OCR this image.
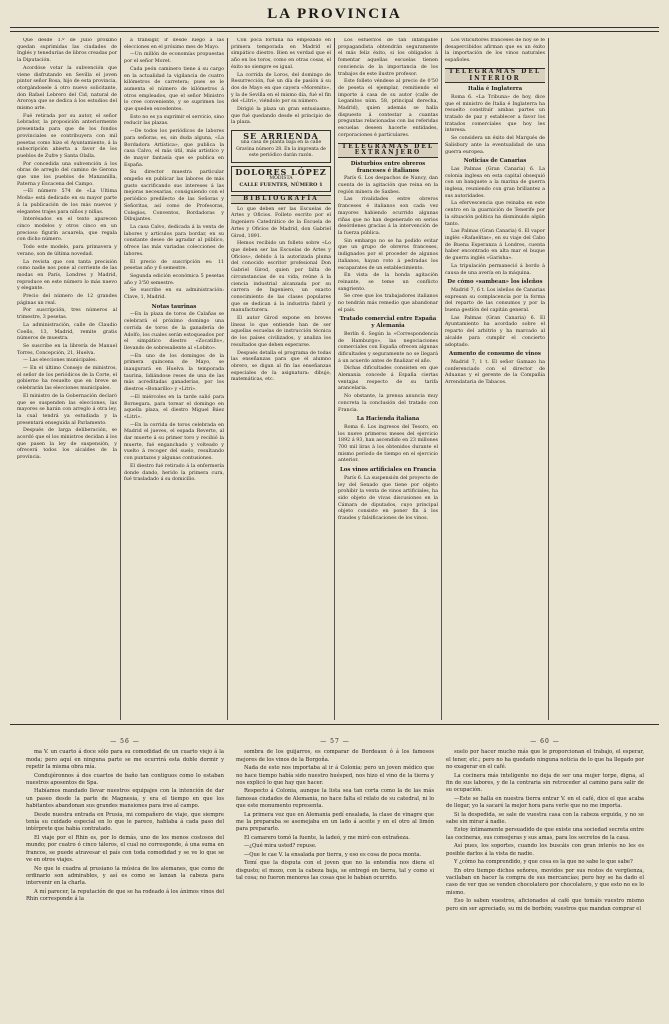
LA PROVINCIA

Que desde 1.º de Julio próximo quedan suprimidas las ciudades de Inglés y tenedurías de libros creadas por la Diputación.

Acordóse votar la subvención que viene disfrutando en Sevilla el joven pintor señor Bosa, hijo de esta provincia, otorgándosele á otro nuevo solicitante, don Rafael Lebrero del Cid, natural de Aroroya que se dedica á los estudios del mismo arte.

Fué retirada por su autor, el señor Lebrador, la proposición anteriormente presentada para que de los fondos provinciales se contribuyera con mil pesetas como hizo el Ayuntamiento, á la subscripción abierta a favor de los pueblos de Zufre y Santa Olalla.

Por concedida una subvención á los obras de arreglo del camino de Gerona que une los pueblos de Manzanilla, Paterna y Escacena del Campo.

—El número 574 de «La Ultima Moda» está dedicado en su mayor parte á la publicación de los más nuevos y elegantes trajes para niños y niñas.

Interésados en el texto aparecen cinco modelos y otros cinco en un precioso figurín acuarela, que regala con dicho número.

Todo este modelo, para primavera y verano, son de última novedad.

La revista que con tanta precisión como nadie nos pone al corriente de las modas en París, Londres y Madrid, reproduce en este número lo más nuevo y elegante.

Precio del número de 12 grandes páginas un real.

Por suscripción, tres números al trimestre, 3 pesetas.

La administración, calle de Claudio Coello, 13, Madrid, remite gratis números de muestra.

Se suscribe en la librería de Manuel Torres, Concepción, 21, Huelva.

— Las elecciones municipales.

— En el último Consejo de ministros, el señor de los periódicos de la Corte, el gobierno ha resuelto que en breve se celebrarán las elecciones municipales.

El ministro de la Gobernación declaró que se suspenden las elecciones, las mayores se harán con arreglo á otra ley, la cual tendrá ya estudiada y la presentará enseguida al Parlamento.

Después de larga deliberación, se acordó que el los ministros decidan á los que pasen la ley de suspensión, y ofrecerá todos los alcaldes de la provincia.

á transigir, ir desde luego á las elecciones en el próximo mes de Mayo.

—Un millón de economías propuestas por el señor Moret.

Cada peón caminero tiene á su cargo en la actualidad la vigilancia de cuatro kilómetros de carretera; pues se le aumenta el número de kilómetros á otros empleados, que el señor Ministro lo cree conveniente, y se suprimen los que queden excedentes.

Esto no es ya suprimir el servicio, sino reducir las plazas.

—De todos los periódicos de labores para señoras, es, sin duda alguna, «La Bordadora Artística», que publica la casa Calvo, el más útil, más artístico y de mayor fantasía que se publica en España.

Su director muestra particular empeño en publicar las labores de más gusto sacrificando sus intereses á las mejoras necesarias, consiguiendo con el periódico predilecto de las Señoras y Señoritas, así como de Profesoras, Colegios, Conventos, Bordadoras y Dibujantes.

La casa Calvo, dedicada á la venta de labores y artículos para bordar, en su constante deseo de agradar al público, ofrece las más variadas colecciones de labores.

El precio de suscripción es: 11 pesetas año y 6 semestre.

Segunda edición económica 5 pesetas año y 3'50 semestre.

Se suscribe en su administración: Clave, 1, Madrid.

Notas taurinas

—En la plaza de toros de Calañas se celebrará el próximo domingo una corrida de toros de la ganadería de Adolfo, los cuales serán estoqueados por el simpático diestro «Zocatillo», llevando de sobresaliente al «Lobito».

—En uno de los domingos de la primera quincena de Mayo, se inaugurará en Huelva la temporada taurina, lidiándose reses de una de las más acreditadas ganaderías, por los diestros «Bonarillo» y «Litri».

—El miércoles en la tarde salió para Bornegara, para torear el domingo en aquella plaza, el diestro Miguel Báez «Litri».

—En la corrida de toros celebrada en Madrid el jueves, el espada Reverte, al dar muerte á su primer toro y recibió la muerte, fué enganchado y volteado y vuelto á recoger del suelo, resultando con puntazos y algunas contusiones.

El diestro fué retirado á la enfermería donde dando, herido la primera cura, fué trasladado á su domicilio.

Con poca fortuna ha empezado en primera temporada en Madrid el simpático diestro. Bien es verdad que el año en los toros, como en otras cosas, el éxito no siempre es igual.

La corrida de Loros, del domingo de Resurrección, fué un día de pasión á su dos de Mayo en que cayera «Morenito», y la de Sevilla en el mismo día, fué el fin del «Litri», viéndolo por su número.

Dirigió la plaza un gran entusiasmo, que fué quedando desde el principio de la plaza.

SE ARRIENDA
una casa de planta baja en la calle Gravina número 28. En la imprenta de este periódico darán razón.
DOLORES LÓPEZ
MODISTA
CALLE FUENTES, NÚMERO 1
BIBLIOGRAFÍA

Lo que deben ser las Escuelas de Artes y Oficios. Folleto escrito por el Ingeniero Catedrático de la Escuela de Artes y Oficios de Madrid, don Gabriel Girod, 1891.

Hemos recibido un folleto sobre «Lo que deben ser las Escuelas de Artes y Oficios», debido á la autorizada pluma del conocido escritor profesional Don Gabriel Girod, quien por falta de circunstancias de su vida, reúne á la ciencia industrial alcanzada por su carrera de Ingeniero, un exacto conocimiento de las clases populares que se dedican á la industria fabril y manufacturera.

El autor Girod expone en breves líneas lo que entiende han de ser aquellas escuelas de instrucción técnica de los países civilizados, y analiza los resultados que deben esperarse.

Después detalla el programa de todas las enseñanzas para que el alumno obrero, se digan al fin las enseñanzas especiales de la asignatura: dibujo, matemáticas, etc.

Los esfuerzos de tan infatigable propagandista obtendrán seguramente el más feliz éxito, si los obligados á fomentar aquellas escuelas tienen conciencia de la importancia de los trabajos de este ilustre profesor.

Este folleto véndese al precio de 0'50 de peseta el ejemplar, remitiendo el importe á casa de su autor (calle de Leganitos núm. 58, principal derecha, Madrid), quien además se halla dispuesto á contestar a cuantas preguntas relacionadas con las referidas escuelas deseen hacerle entidades, corporaciones é particulares.

TELEGRAMAS DEL EXTRANJERO
Disturbios entre obreros franceses é italianos

París 6. Los despachos de Nancy, dan cuenta de la agitación que reina en la región minera de Saxbes.

Las rivalidades entre obreros franceses é italianos son cada vez mayores habiendo ocurrido algunas riñas que no han degenerado en serios desórdenes gracias á la intervención de la fuerza pública.

Sin embargo no se ha podido evitar que un grupo de obreros franceses, indignados por el proceder de algunos italianos, hayan roto á pedradas los escaparates de un establecimiento.

En vista de la honda agitación reinante, se teme un conflicto sangriento.

Se cree que los trabajadores italianos no tendrán más remedio que abandonar el país.

Tratado comercial entre España y Alemania

Berlín 6. Según la «Correspondencia de Hamburgo», las negociaciones comerciales con España ofrecen algunas dificultades y seguramente no se llegará á un acuerdo antes de finalizar el año.

Dichas dificultades consisten en que Alemania concede á España ciertas ventajas respecto de su tarifa arancelaria.

No obstante, la prensa anuncia muy concreta la conclusión del tratado con Francia.

La Hacienda italiana

Roma 6. Los ingresos del Tesoro, en los nueve primeros meses del ejercicio 1892 á 93, han ascendido en 23 millones 700 mil liras á los obtenidos durante el mismo período de tiempo en el ejercicio anterior.

Los vinos artificiales en Francia

París 6. La suspensión del proyecto de ley del Senado que tiene por objeto prohibir la venta de vinos artificiales, ha sido objeto de vivas discusiones en la Cámara de diputados, cuyo principal objeto consiste en poner fin á los fraudes y falsificaciones de los vinos.

Los viticultores franceses de hoy se fé desapercibidos afirman que es un éxito la importación de los vinos naturales españoles.

TELEGRAMAS DEL INTERIOR
Italia é Inglaterra

Roma 6. «La Tribuna» de hoy, dice que el ministro de Italia é Inglaterra ha resuelto constituir ambas partes un tratado de paz y establecer a favor los tratados comerciales que hoy les interesa.

Se considera un éxito del Marqués de Salisbury ante la eventualidad de una guerra europea.

Noticias de Canarias

Las Palmas (Gran Canaria) 6. La colonia inglesa en esta capital obsequió con un banquete a la marina de guerra inglesa, reuniendo con gran brillantez a sus autoridades.

La efervescencia que reinaba en este centro en la guarnición de Tenerife por la situación política ha disminuido algún tanto.

Las Palmas (Gran Canaria) 6. El vapor inglés «Rafaelitas», en su viaje del Cabo de Buena Esperanza á Londres, cuenta haber encontrado en alta mar el buque de guerra inglés «Garisha».

La tripulación permaneció á bordo á causa de una avería en la máquina.

De cómo «sambean» los isleños

Madrid 7, 6 t. Los isleños de Canarias expresan su complacencia por la forma del reparto de las consumos y por la buena gestión del capitán general.

Las Palmas (Gran Canaria) 6. El Ayuntamiento ha acordado sobre el reparto del arbitrio y ha marcado al alcalde para cumplir el concierto adoptado.

Aumento de consumo de vinos

Madrid 7, 1 t. El señor Gamazo ha conferenciado con el director de Aduanas y el gerente de la Compañía Arrendataria de Tabacos.

— 56 —

ma V. un cuarto á doce sólo para su comodidad de un cuarto viejo á la moda; pero aquí en ninguna parte se me ocurrirá esta doble dormir y repetir la misma obra mía.

Condujéronnos á dos cuartos de baño tan contiguos como lo estaban nuestros aposentos de Spa.

Habíamos mandado llevar nuestros equipajes con la intención de dar un paseo desde la parte de Magnesia, y era el tiempo en que los habitantes abandonan sus grandes mansiones para irse al campo.

Desde nuestra entrada en Prusia, mi compañero de viaje, que siempre tenía su cuidado especial en lo que le parece, hablaba á cada paso del intérprete que había contratado.

El viaje por el Rhin es, por lo demás, uno de los menos costosos del mundo; por cuatro ó cinco táleros, el cual no corresponde, á una suma en francos, se puede atravesar el país con toda comodidad y se ve lo que se ve en otros viajes.

No que le cuadra al prusiano la música de los alemanes, que como de ordinario son admirables, y así es como se lanzan la cabeza para intervenir en la charla.

A mí parecer, la reputación de que se ha rodeado á los ánimos vinos del Rhin corresponde á la

— 57 —

sombra de los guijarros, es comparar de Bordeaux ó á los famosos mejores de los vinos de la Borgoña.

Nada de esto nos importaba al ir á Colonia; pero un joven médico que no hace tiempo había sido nuestro huésped, nos hizo el vino de la tierra y nos explicó lo que hay que hacer.

Respecto á Colonia, aunque la lista sea tan corta como la de las más famosas ciudades de Alemania, no hace falta el relato de su catedral, ni lo que este monumento representa.

La primera vez que en Alemania pedí ensalada, la clase de vinagre que me la preparaba se asemejaba en un lado á aceite y en el otro al limón para prepararlo.

El camarero tomó la fuente, la ladeó, y me miró con extrañeza.

—¿Qué mira usted? repuse.

—Que le cae V. la ensalada por tierra, y eso es cosa de poca monta.

Temí que la disputa con el joven que no la entendía nos diera el disgusto; el mozo, con la cabeza baja, se entregó en tierra, tal y como si tal cosa; no fueron menores las cosas que le habían ocurrido.

— 60 —

suelo por hacer mucho más que le proporcionan el trabajo, el esperar, el tener, etc.; pero no ha quedado ninguna noticia de lo que ha llegado por no exagerar en el café.

La cocinera más inteligente no deja de ser una mujer torpe, digna, al fin de sus labores, y de la contraria sin retroceder al camino para salir de su ocupación.

—Este se halla en nuestra tierra entrar V. en el café, dice el que acaba de llegar, yo la sacaré la mejor hora para verle que no me importa.

Si la despedida, se sale de vuestra casa con la cabeza erguida, y no se sabe sin mirar á nadie.

Estoy íntimamente persuadido de que existe una sociedad secreta entre las cocineras, sus consejeras y sus amas, para los secretos de la casa.

Así pues, los soportes, cuando los buscáis con gran interés no les es posible darlos á la vista de nadie.

Y ¿cómo ha comprendido, y que cosa es la que no sabe lo que sabe?

En otro tiempo dichos señores, movidos por sus restos de vergüenza, vacilaban en hacer la compra de sus mercancías; pero hoy se ha dado el caso de ver que se venden chocolatero por chocolatero, y que esto no es lo mismo.

Eso lo saben vuestros, aficionados al café que tomáis vuestro mismo pero sin ser apreciado, su mi de borbón; vuestros que mandan comprar el
